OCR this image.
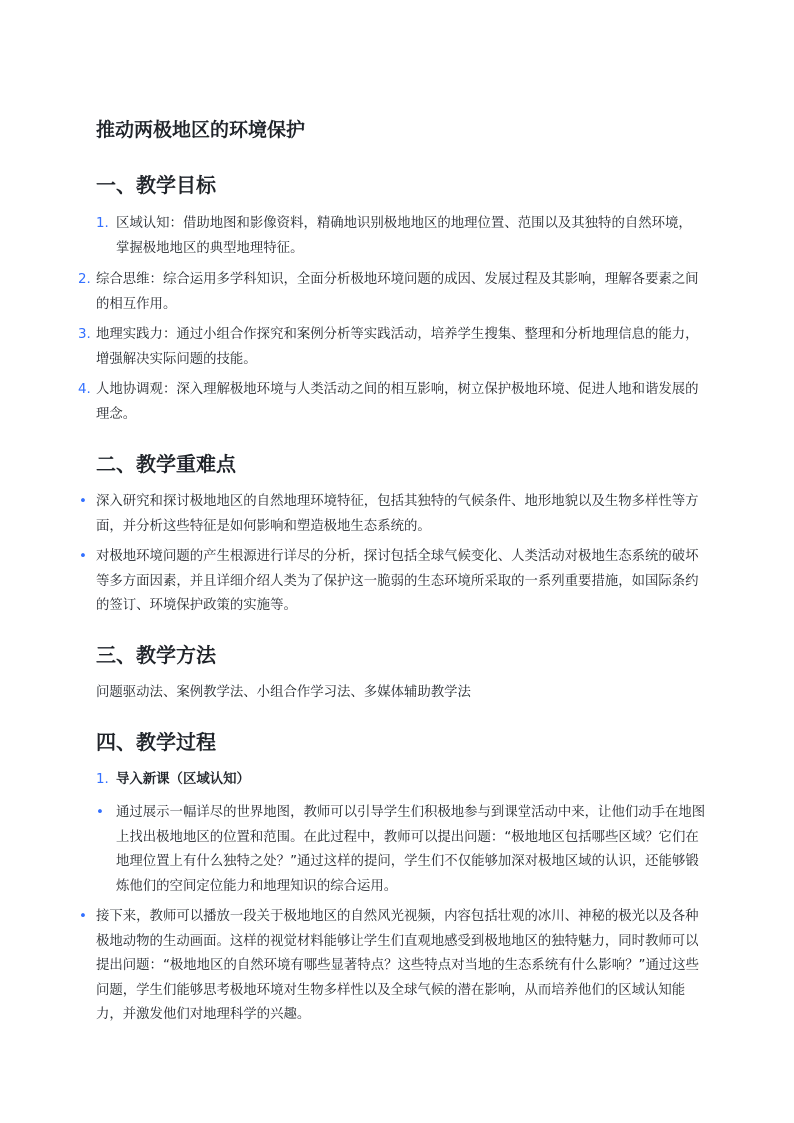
推动两极地区的环境保护
一、教学目标
1. 区域认知：借助地图和影像资料，精确地识别极地地区的地理位置、范围以及其独特的自然环境，掌握极地地区的典型地理特征。
2. 综合思维：综合运用多学科知识，全面分析极地环境问题的成因、发展过程及其影响，理解各要素之间的相互作用。
3. 地理实践力：通过小组合作探究和案例分析等实践活动，培养学生搜集、整理和分析地理信息的能力，增强解决实际问题的技能。
4. 人地协调观：深入理解极地环境与人类活动之间的相互影响，树立保护极地环境、促进人地和谐发展的理念。
二、教学重难点
• 深入研究和探讨极地地区的自然地理环境特征，包括其独特的气候条件、地形地貌以及生物多样性等方面，并分析这些特征是如何影响和塑造极地生态系统的。
• 对极地环境问题的产生根源进行详尽的分析，探讨包括全球气候变化、人类活动对极地生态系统的破坏等多方面因素，并且详细介绍人类为了保护这一脆弱的生态环境所采取的一系列重要措施，如国际条约的签订、环境保护政策的实施等。
三、教学方法

问题驱动法、案例教学法、小组合作学习法、多媒体辅助教学法

四、教学过程
1. 导入新课（区域认知）
• 通过展示一幅详尽的世界地图，教师可以引导学生们积极地参与到课堂活动中来，让他们动手在地图上找出极地地区的位置和范围。在此过程中，教师可以提出问题：“极地地区包括哪些区域？它们在地理位置上有什么独特之处？”通过这样的提问，学生们不仅能够加深对极地区域的认识，还能够锻炼他们的空间定位能力和地理知识的综合运用。
• 接下来，教师可以播放一段关于极地地区的自然风光视频，内容包括壮观的冰川、神秘的极光以及各种极地动物的生动画面。这样的视觉材料能够让学生们直观地感受到极地地区的独特魅力，同时教师可以提出问题：“极地地区的自然环境有哪些显著特点？这些特点对当地的生态系统有什么影响？”通过这些问题，学生们能够思考极地环境对生物多样性以及全球气候的潜在影响，从而培养他们的区域认知能力，并激发他们对地理科学的兴趣。
